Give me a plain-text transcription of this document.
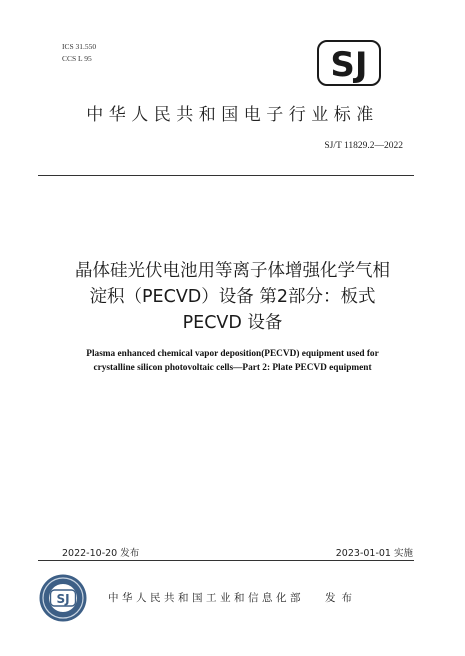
ICS 31.550
CCS L 95	SJ
中华人民共和国电子行业标准
SJ/T 11829.2—2022
晶体硅光伏电池用等离子体增强化学气相
淀积（PECVD）设备 第2部分：板式
PECVD 设备
Plasma enhanced chemical vapor deposition(PECVD) equipment used for
crystalline silicon photovoltaic cells—Part 2: Plate PECVD equipment
2022-10-20 发布	2023-01-01 实施
SJ	中华人民共和国工业和信息化部 发布
